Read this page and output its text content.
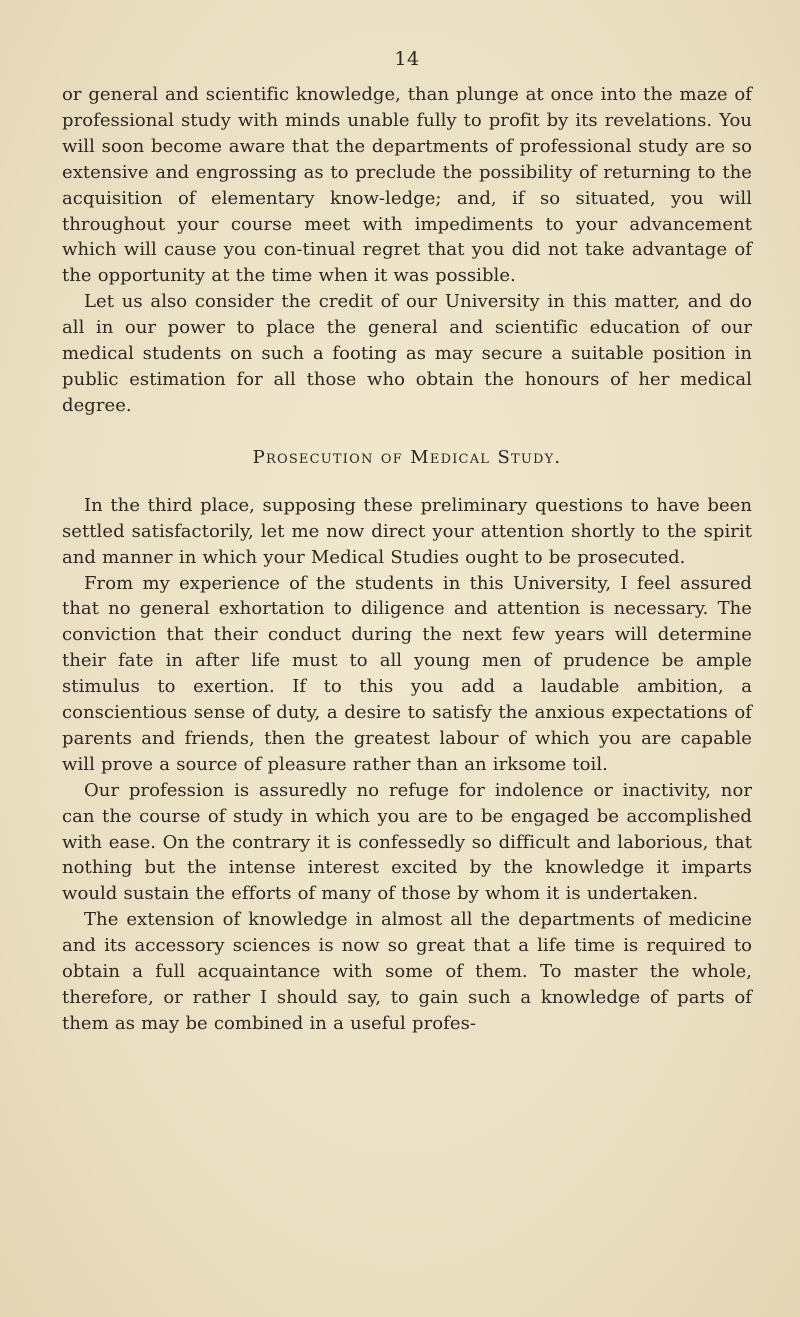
14

or general and scientific knowledge, than plunge at once into the maze of professional study with minds unable fully to profit by its revelations. You will soon become aware that the departments of professional study are so extensive and engrossing as to preclude the possibility of returning to the acquisition of elementary know-ledge; and, if so situated, you will throughout your course meet with impediments to your advancement which will cause you con-tinual regret that you did not take advantage of the opportunity at the time when it was possible.

Let us also consider the credit of our University in this matter, and do all in our power to place the general and scientific education of our medical students on such a footing as may secure a suitable position in public estimation for all those who obtain the honours of her medical degree.

Prosecution of Medical Study.

In the third place, supposing these preliminary questions to have been settled satisfactorily, let me now direct your attention shortly to the spirit and manner in which your Medical Studies ought to be prosecuted.

From my experience of the students in this University, I feel assured that no general exhortation to diligence and attention is necessary. The conviction that their conduct during the next few years will determine their fate in after life must to all young men of prudence be ample stimulus to exertion. If to this you add a laudable ambition, a conscientious sense of duty, a desire to satisfy the anxious expectations of parents and friends, then the greatest labour of which you are capable will prove a source of pleasure rather than an irksome toil.

Our profession is assuredly no refuge for indolence or inactivity, nor can the course of study in which you are to be engaged be accomplished with ease. On the contrary it is confessedly so difficult and laborious, that nothing but the intense interest excited by the knowledge it imparts would sustain the efforts of many of those by whom it is undertaken.

The extension of knowledge in almost all the departments of medicine and its accessory sciences is now so great that a life time is required to obtain a full acquaintance with some of them. To master the whole, therefore, or rather I should say, to gain such a knowledge of parts of them as may be combined in a useful profes-
